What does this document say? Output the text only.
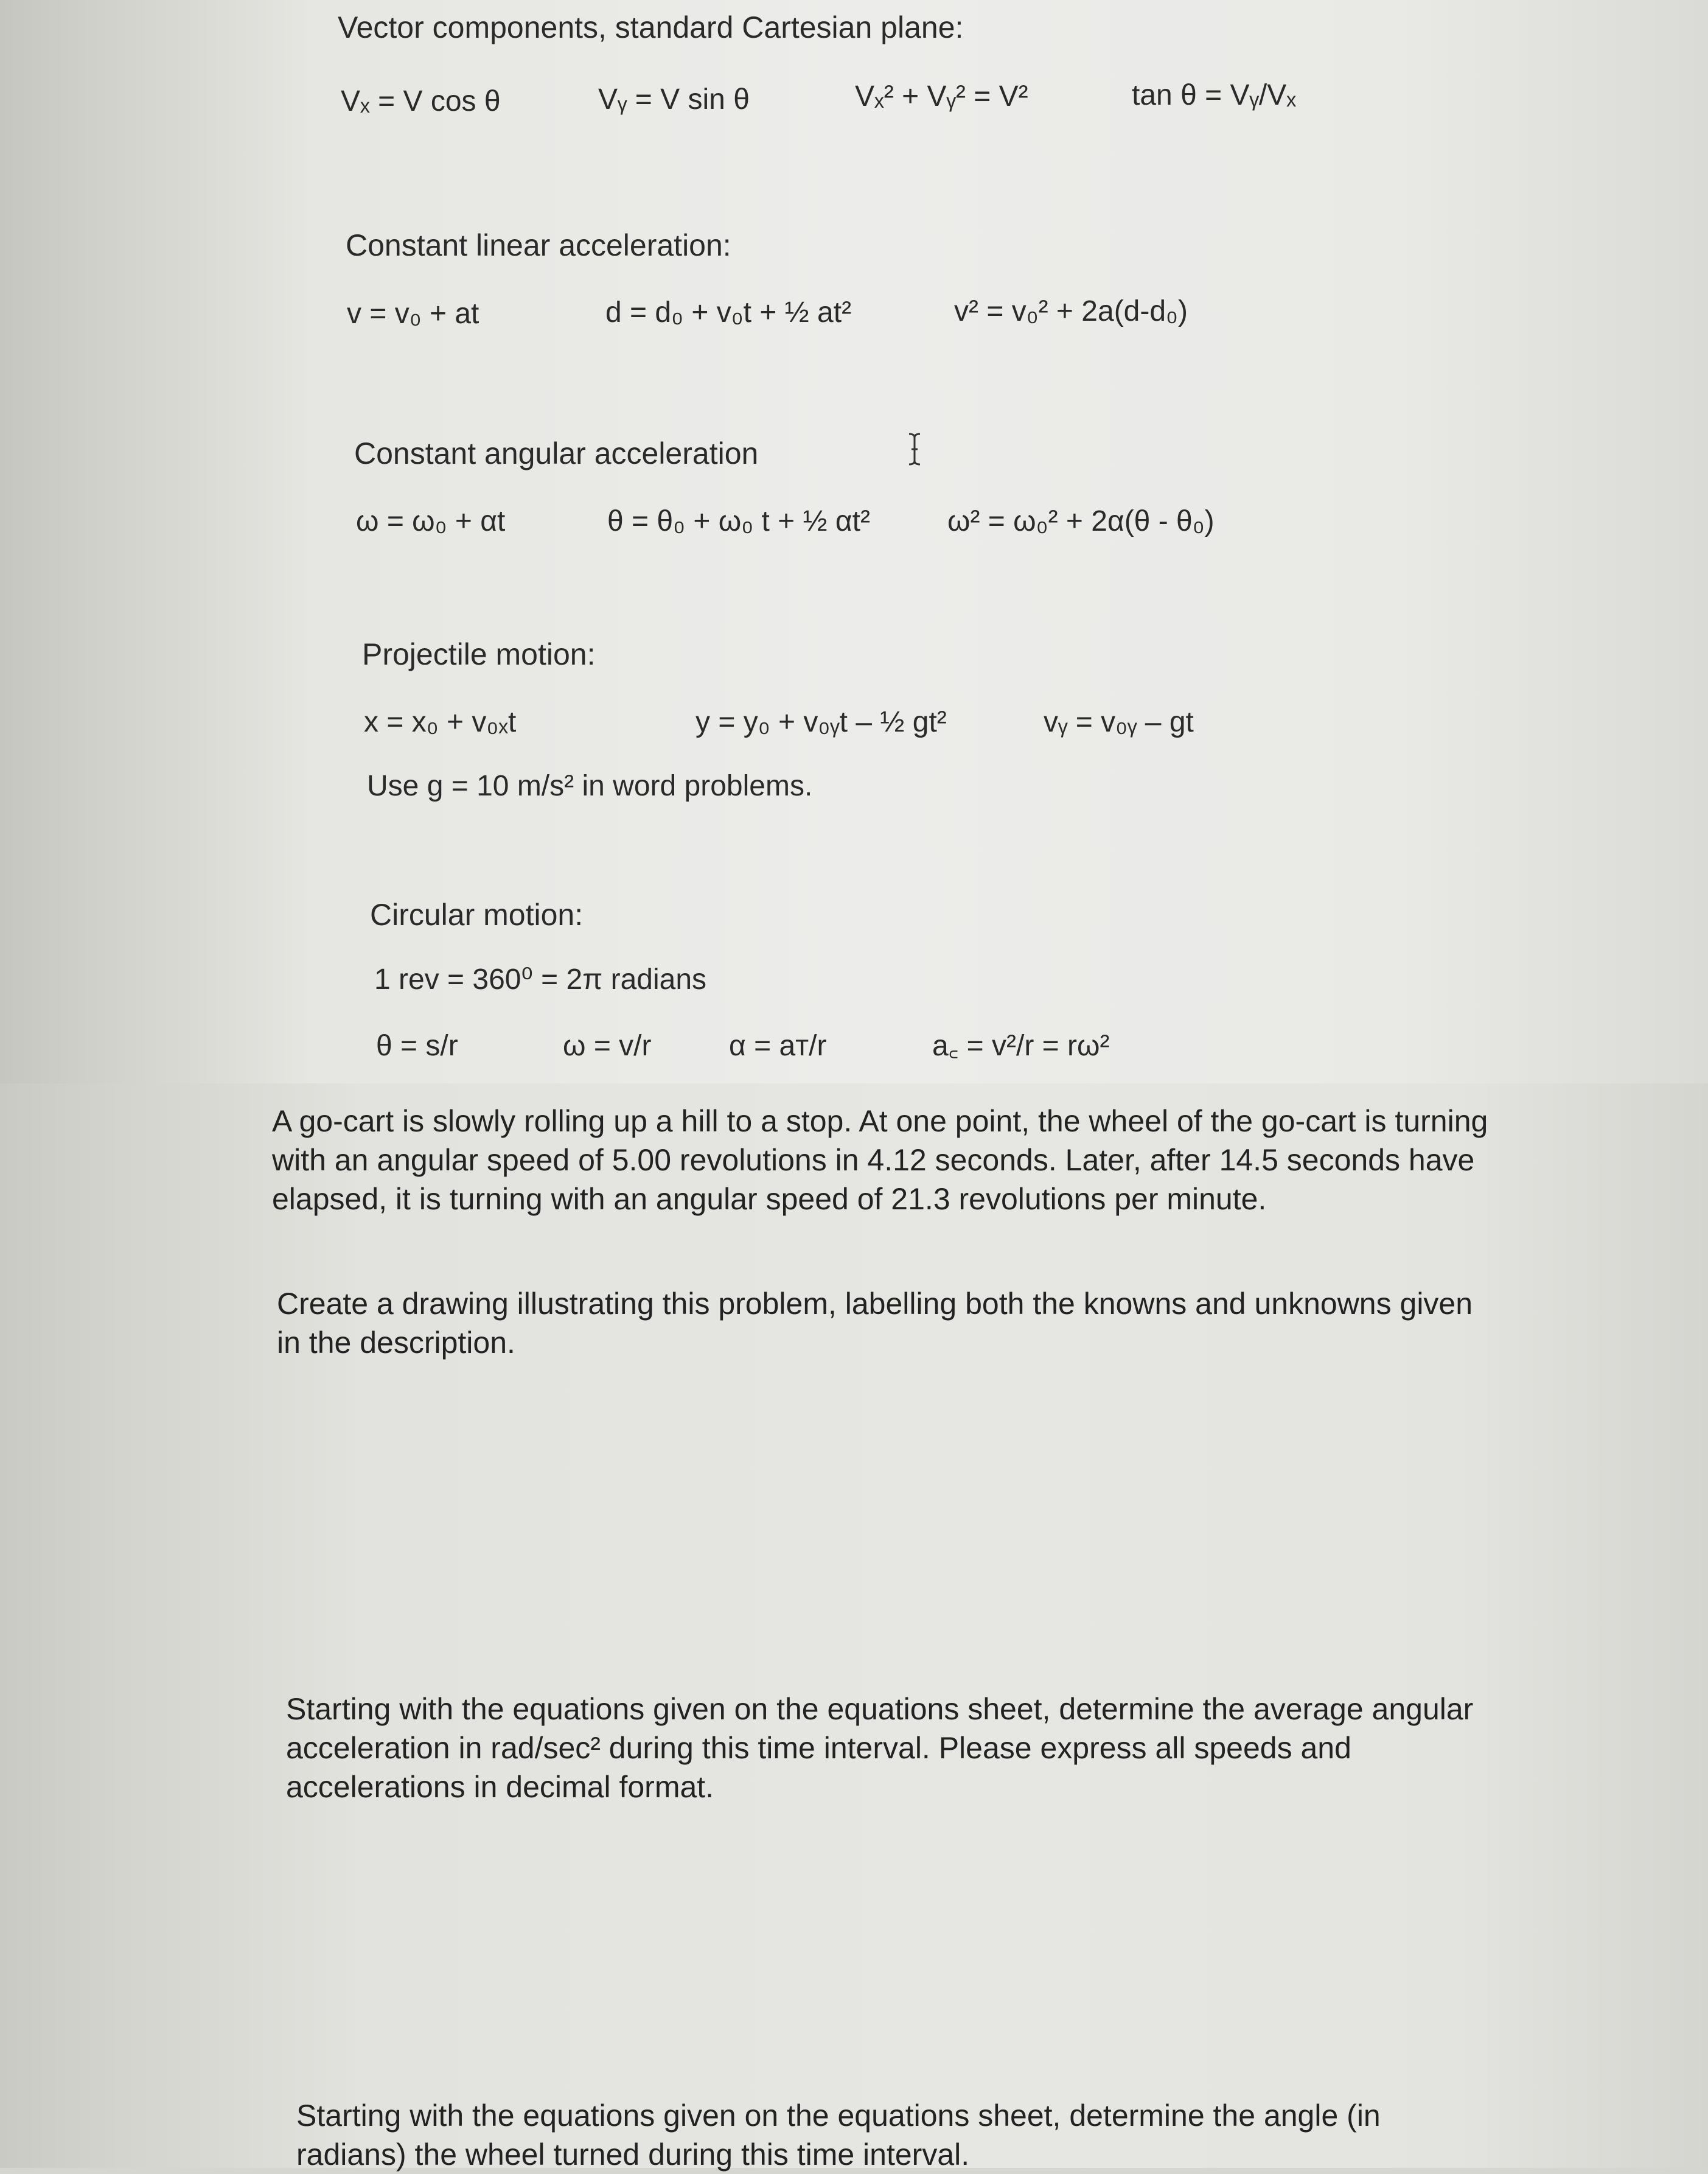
Vector components, standard Cartesian plane:
Vₓ = V cos θ	Vᵧ = V sin θ	Vₓ² + Vᵧ² = V²	tan θ = Vᵧ/Vₓ
Constant linear acceleration:
v = v₀ + at	d = d₀ + v₀t + ½ at²	v² = v₀² + 2a(d-d₀)
Constant angular acceleration
ω = ω₀ + αt	θ = θ₀ + ω₀ t + ½ αt²	ω² = ω₀² + 2α(θ - θ₀)
Projectile motion:
x = x₀ + v₀ₓt	y = y₀ + v₀ᵧt – ½ gt²	vᵧ = v₀ᵧ – gt
Use g = 10 m/s² in word problems.
Circular motion:
1 rev = 360⁰ = 2π radians
θ = s/r	ω = v/r	α = aᴛ/r	a꜀ = v²/r = rω²
A go-cart is slowly rolling up a hill to a stop. At one point, the wheel of the go-cart is turning with an angular speed of 5.00 revolutions in 4.12 seconds. Later, after 14.5 seconds have elapsed, it is turning with an angular speed of 21.3 revolutions per minute.
Create a drawing illustrating this problem, labelling both the knowns and unknowns given in the description.
Starting with the equations given on the equations sheet, determine the average angular acceleration in rad/sec² during this time interval. Please express all speeds and accelerations in decimal format.
Starting with the equations given on the equations sheet, determine the angle (in radians) the wheel turned during this time interval.
